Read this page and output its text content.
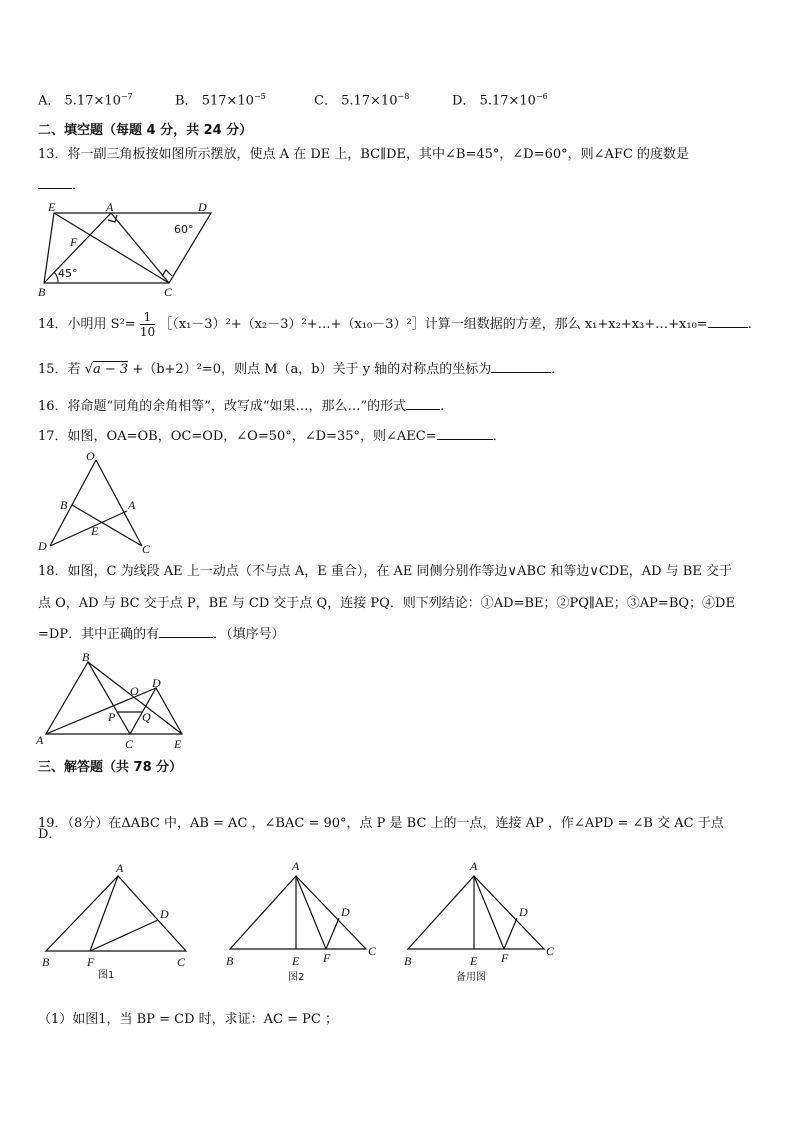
A． $5.17\times 10^{-7}$	B． $517\times 10^{-5}$	C． $5.17\times 10^{-8}$	D． $5.17\times 10^{-6}$
二、填空题（每题 4 分，共 24 分）
13．将一副三角板按如图所示摆放，使点 A 在 DE 上，BC∥DE，其中∠B=45°，∠D=60°，则∠AFC 的度数是
．
E	A	D
F
B	C
60°
45°
14．小明用 $S^2= \frac{1}{10}$ ［（x₁－3）²+（x₂－3）²+…+（x₁₀－3）²］计算一组数据的方差，那么 x₁+x₂+x₃+…+x₁₀=	.
15．若 √a − 3 +（b+2）²=0，则点 M（a，b）关于 y 轴的对称点的坐标为	．
16．将命题“同角的余角相等”，改写成“如果…，那么…”的形式	.
17．如图，OA=OB，OC=OD，∠O=50°，∠D=35°，则∠AEC=	．
O
B	A
E
D	C
18．如图，C 为线段 AE 上一动点（不与点 A，E 重合），在 AE 同侧分别作等边∨ABC 和等边∨CDE，AD 与 BE 交于
点 O，AD 与 BC 交于点 P，BE 与 CD 交于点 Q，连接 PQ．则下列结论：①AD=BE；②PQ∥AE；③AP=BQ；④DE
=DP．其中正确的有	．（填序号）
B
O
D
P Q
A	C	E
三、解答题（共 78 分）
19．（8分）在ΔABC 中，AB = AC ，∠BAC = 90°，点 P 是 BC 上的一点，连接 AP ，作∠APD = ∠B 交 AC 于点
D．
A
D
B	F	C
图1
A
D
B	E F	C
图2
A
D
B	E F	C
备用图
（1）如图1，当 BP = CD 时，求证：AC = PC ；
